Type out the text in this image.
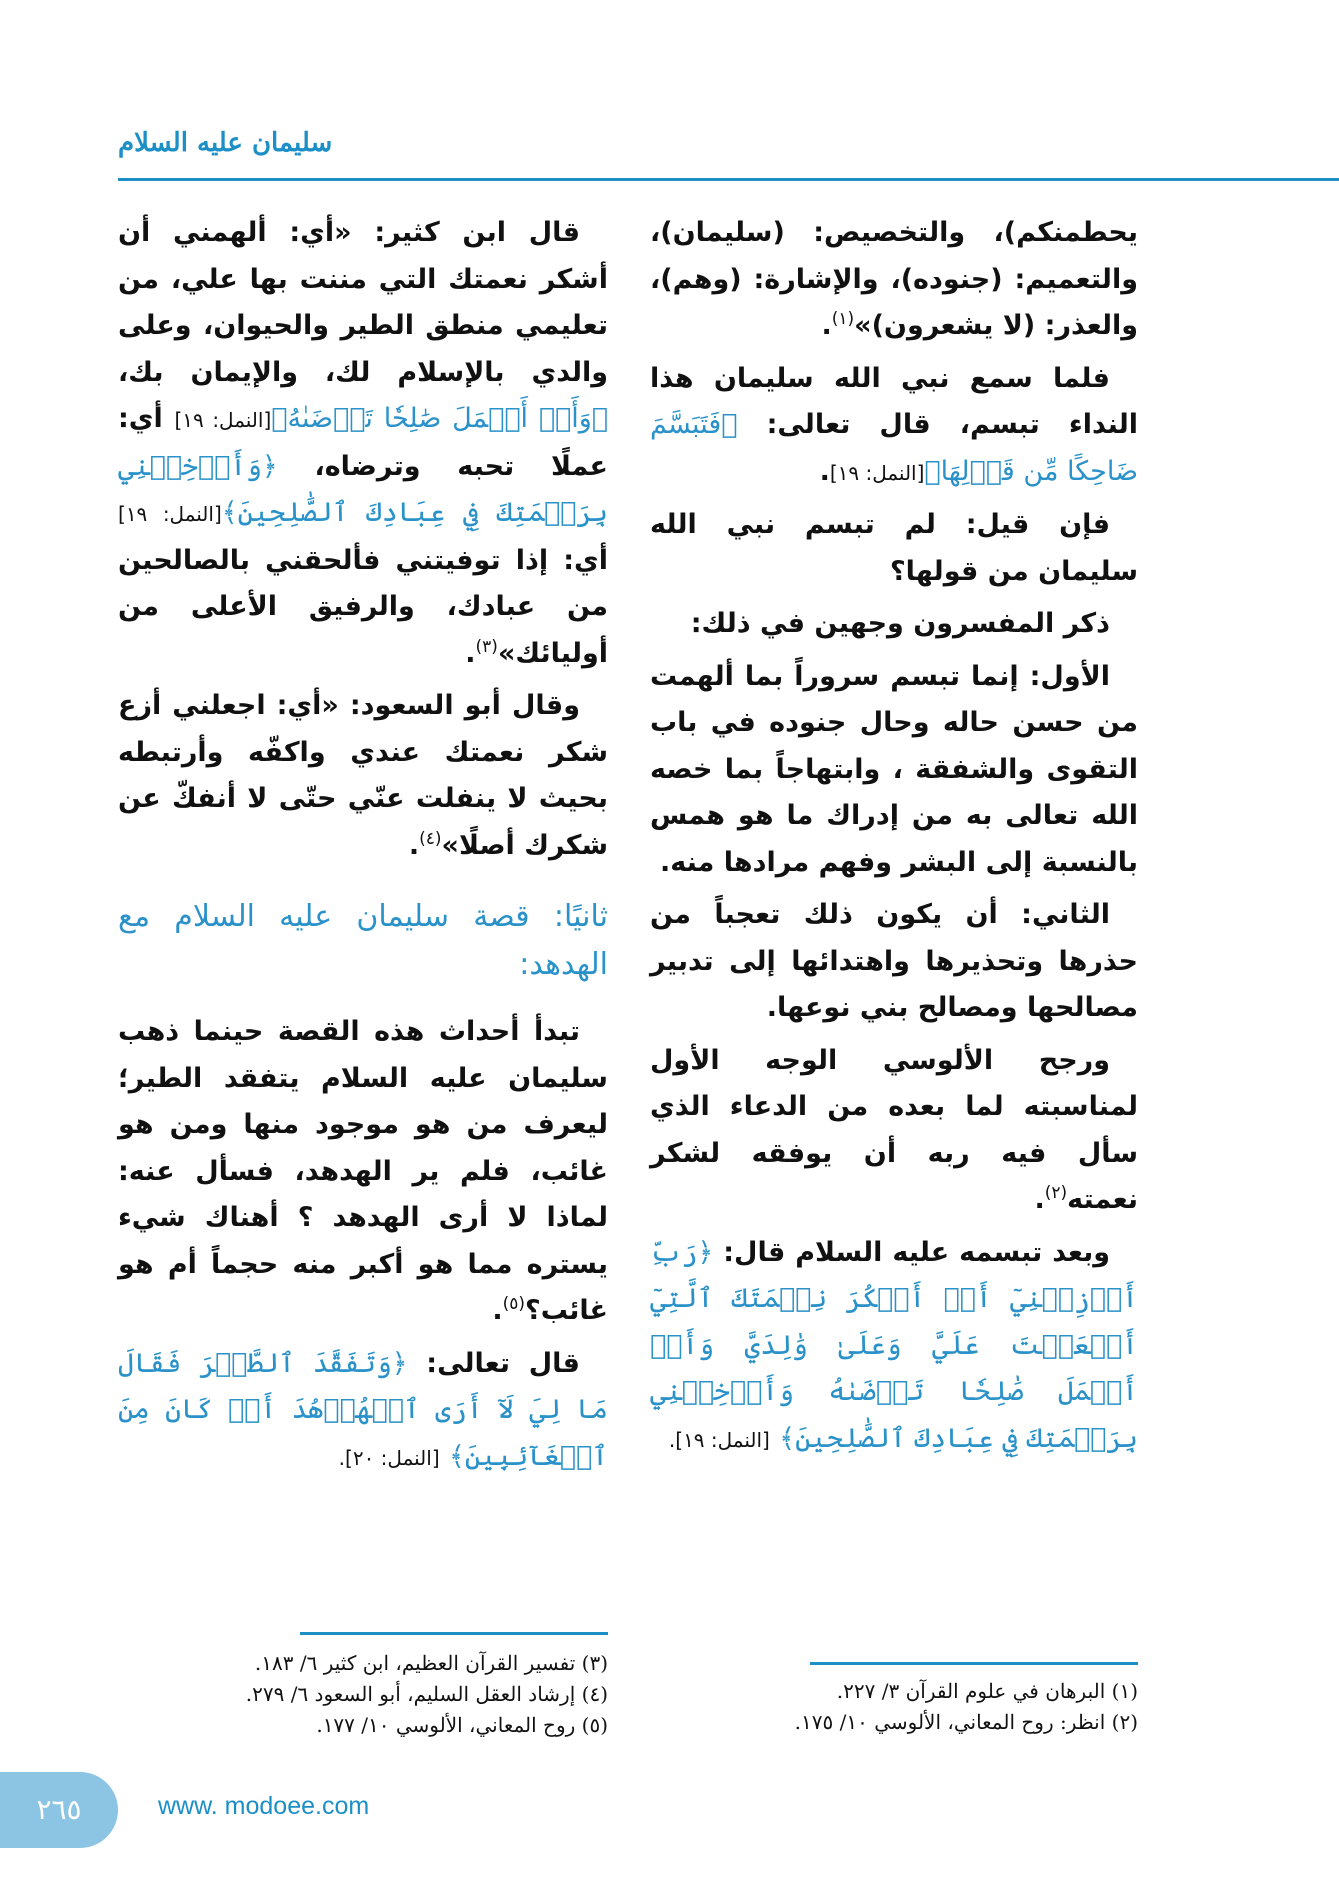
سليمان عليه السلام

يحطمنكم)، والتخصيص: (سليمان)، والتعميم: (جنوده)، والإشارة: (وهم)، والعذر: (لا يشعرون)»$^{(١)}$.

فلما سمع نبي الله سليمان هذا النداء تبسم، قال تعالى: ﴿فَتَبَسَّمَ ضَاحِكًا مِّن قَوۡلِهَا﴾[النمل: ١٩].

فإن قيل: لم تبسم نبي الله سليمان من قولها؟

ذكر المفسرون وجهين في ذلك:

الأول: إنما تبسم سروراً بما ألهمت من حسن حاله وحال جنوده في باب التقوى والشفقة ، وابتهاجاً بما خصه الله تعالى به من إدراك ما هو همس بالنسبة إلى البشر وفهم مرادها منه.

الثاني: أن يكون ذلك تعجباً من حذرها وتحذيرها واهتدائها إلى تدبير مصالحها ومصالح بني نوعها.

ورجح الألوسي الوجه الأول لمناسبته لما بعده من الدعاء الذي سأل فيه ربه أن يوفقه لشكر نعمته$^{(٢)}$.

وبعد تبسمه عليه السلام قال: ﴿رَبِّ أَوۡزِعۡنِيٓ أَنۡ أَشۡكُرَ نِعۡمَتَكَ ٱلَّتِيٓ أَنۡعَمۡتَ عَلَيَّ وَعَلَىٰ وَٰلِدَيَّ وَأَنۡ أَعۡمَلَ صَٰلِحٗا تَرۡضَىٰهُ وَأَدۡخِلۡنِي بِرَحۡمَتِكَ فِي عِبَادِكَ ٱلصَّٰلِحِينَ﴾ [النمل: ١٩].

قال ابن كثير: «أي: ألهمني أن أشكر نعمتك التي مننت بها علي، من تعليمي منطق الطير والحيوان، وعلى والدي بالإسلام لك، والإيمان بك، ﴿وَأَنۡ أَعۡمَلَ صَٰلِحٗا تَرۡضَىٰهُ﴾[النمل: ١٩] أي: عملًا تحبه وترضاه، ﴿وَأَدۡخِلۡنِي بِرَحۡمَتِكَ فِي عِبَادِكَ ٱلصَّٰلِحِينَ﴾[النمل: ١٩] أي: إذا توفيتني فألحقني بالصالحين من عبادك، والرفيق الأعلى من أوليائك»$^{(٣)}$.

وقال أبو السعود: «أي: اجعلني أزع شكر نعمتك عندي واكفّه وأرتبطه بحيث لا ينفلت عنّي حتّى لا أنفكّ عن شكرك أصلًا»$^{(٤)}$.

ثانيًا: قصة سليمان عليه السلام مع الهدهد:

تبدأ أحداث هذه القصة حينما ذهب سليمان عليه السلام يتفقد الطير؛ ليعرف من هو موجود منها ومن هو غائب، فلم ير الهدهد، فسأل عنه: لماذا لا أرى الهدهد ؟ أهناك شيء يستره مما هو أكبر منه حجماً أم هو غائب؟$^{(٥)}$.

قال تعالى: ﴿وَتَفَقَّدَ ٱلطَّيۡرَ فَقَالَ مَا لِيَ لَآ أَرَى ٱلۡهُدۡهُدَ أَمۡ كَانَ مِنَ ٱلۡغَآئِبِينَ﴾ [النمل: ٢٠].

(١) البرهان في علوم القرآن ٣/ ٢٢٧.
(٢) انظر: روح المعاني، الألوسي ١٠/ ١٧٥.
(٣) تفسير القرآن العظيم، ابن كثير ٦/ ١٨٣.
(٤) إرشاد العقل السليم، أبو السعود ٦/ ٢٧٩.
(٥) روح المعاني، الألوسي ١٠/ ١٧٧.
٢٦٥	www. modoee.com
